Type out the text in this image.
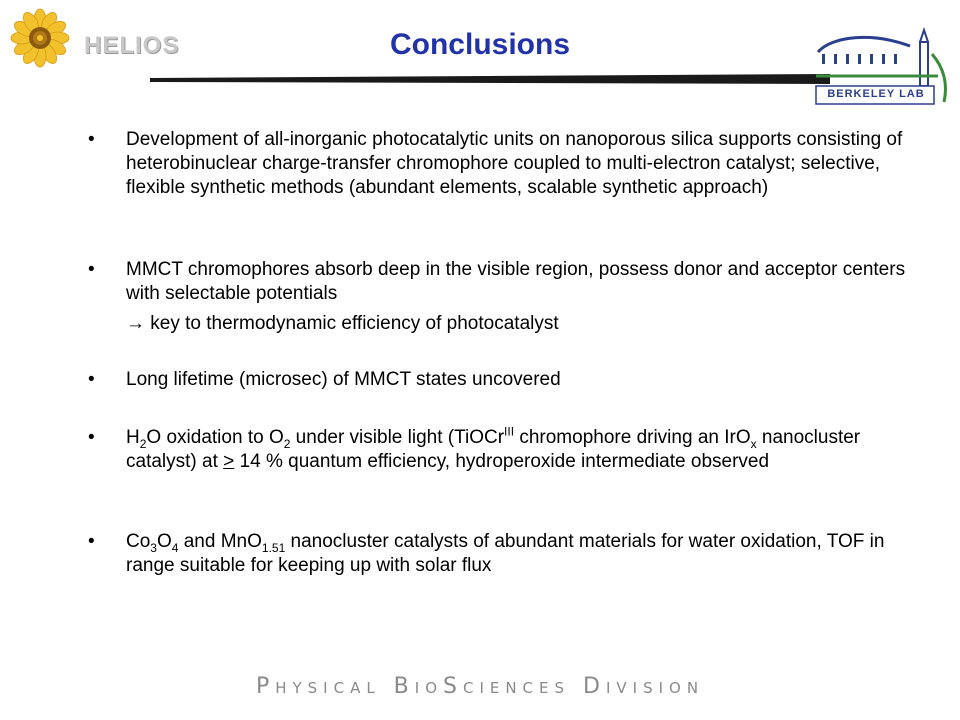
HELIOS	Conclusions
BERKELEY LAB
• Development of all-inorganic photocatalytic units on nanoporous silica supports consisting of heterobinuclear charge-transfer chromophore coupled to multi-electron catalyst; selective, flexible synthetic methods (abundant elements, scalable synthetic approach)
• MMCT chromophores absorb deep in the visible region, possess donor and acceptor centers with selectable potentials
→ key to thermodynamic efficiency of photocatalyst
• Long lifetime (microsec) of MMCT states uncovered
• $H_2O$ oxidation to $O_2$ under visible light (TiOCr$^{III}$ chromophore driving an IrO$_x$ nanocluster catalyst) at ≥ 14 % quantum efficiency, hydroperoxide intermediate observed
• $Co_3O_4$ and MnO$_{1.51}$ nanocluster catalysts of abundant materials for water oxidation, TOF in range suitable for keeping up with solar flux
Physical BioSciences Division
